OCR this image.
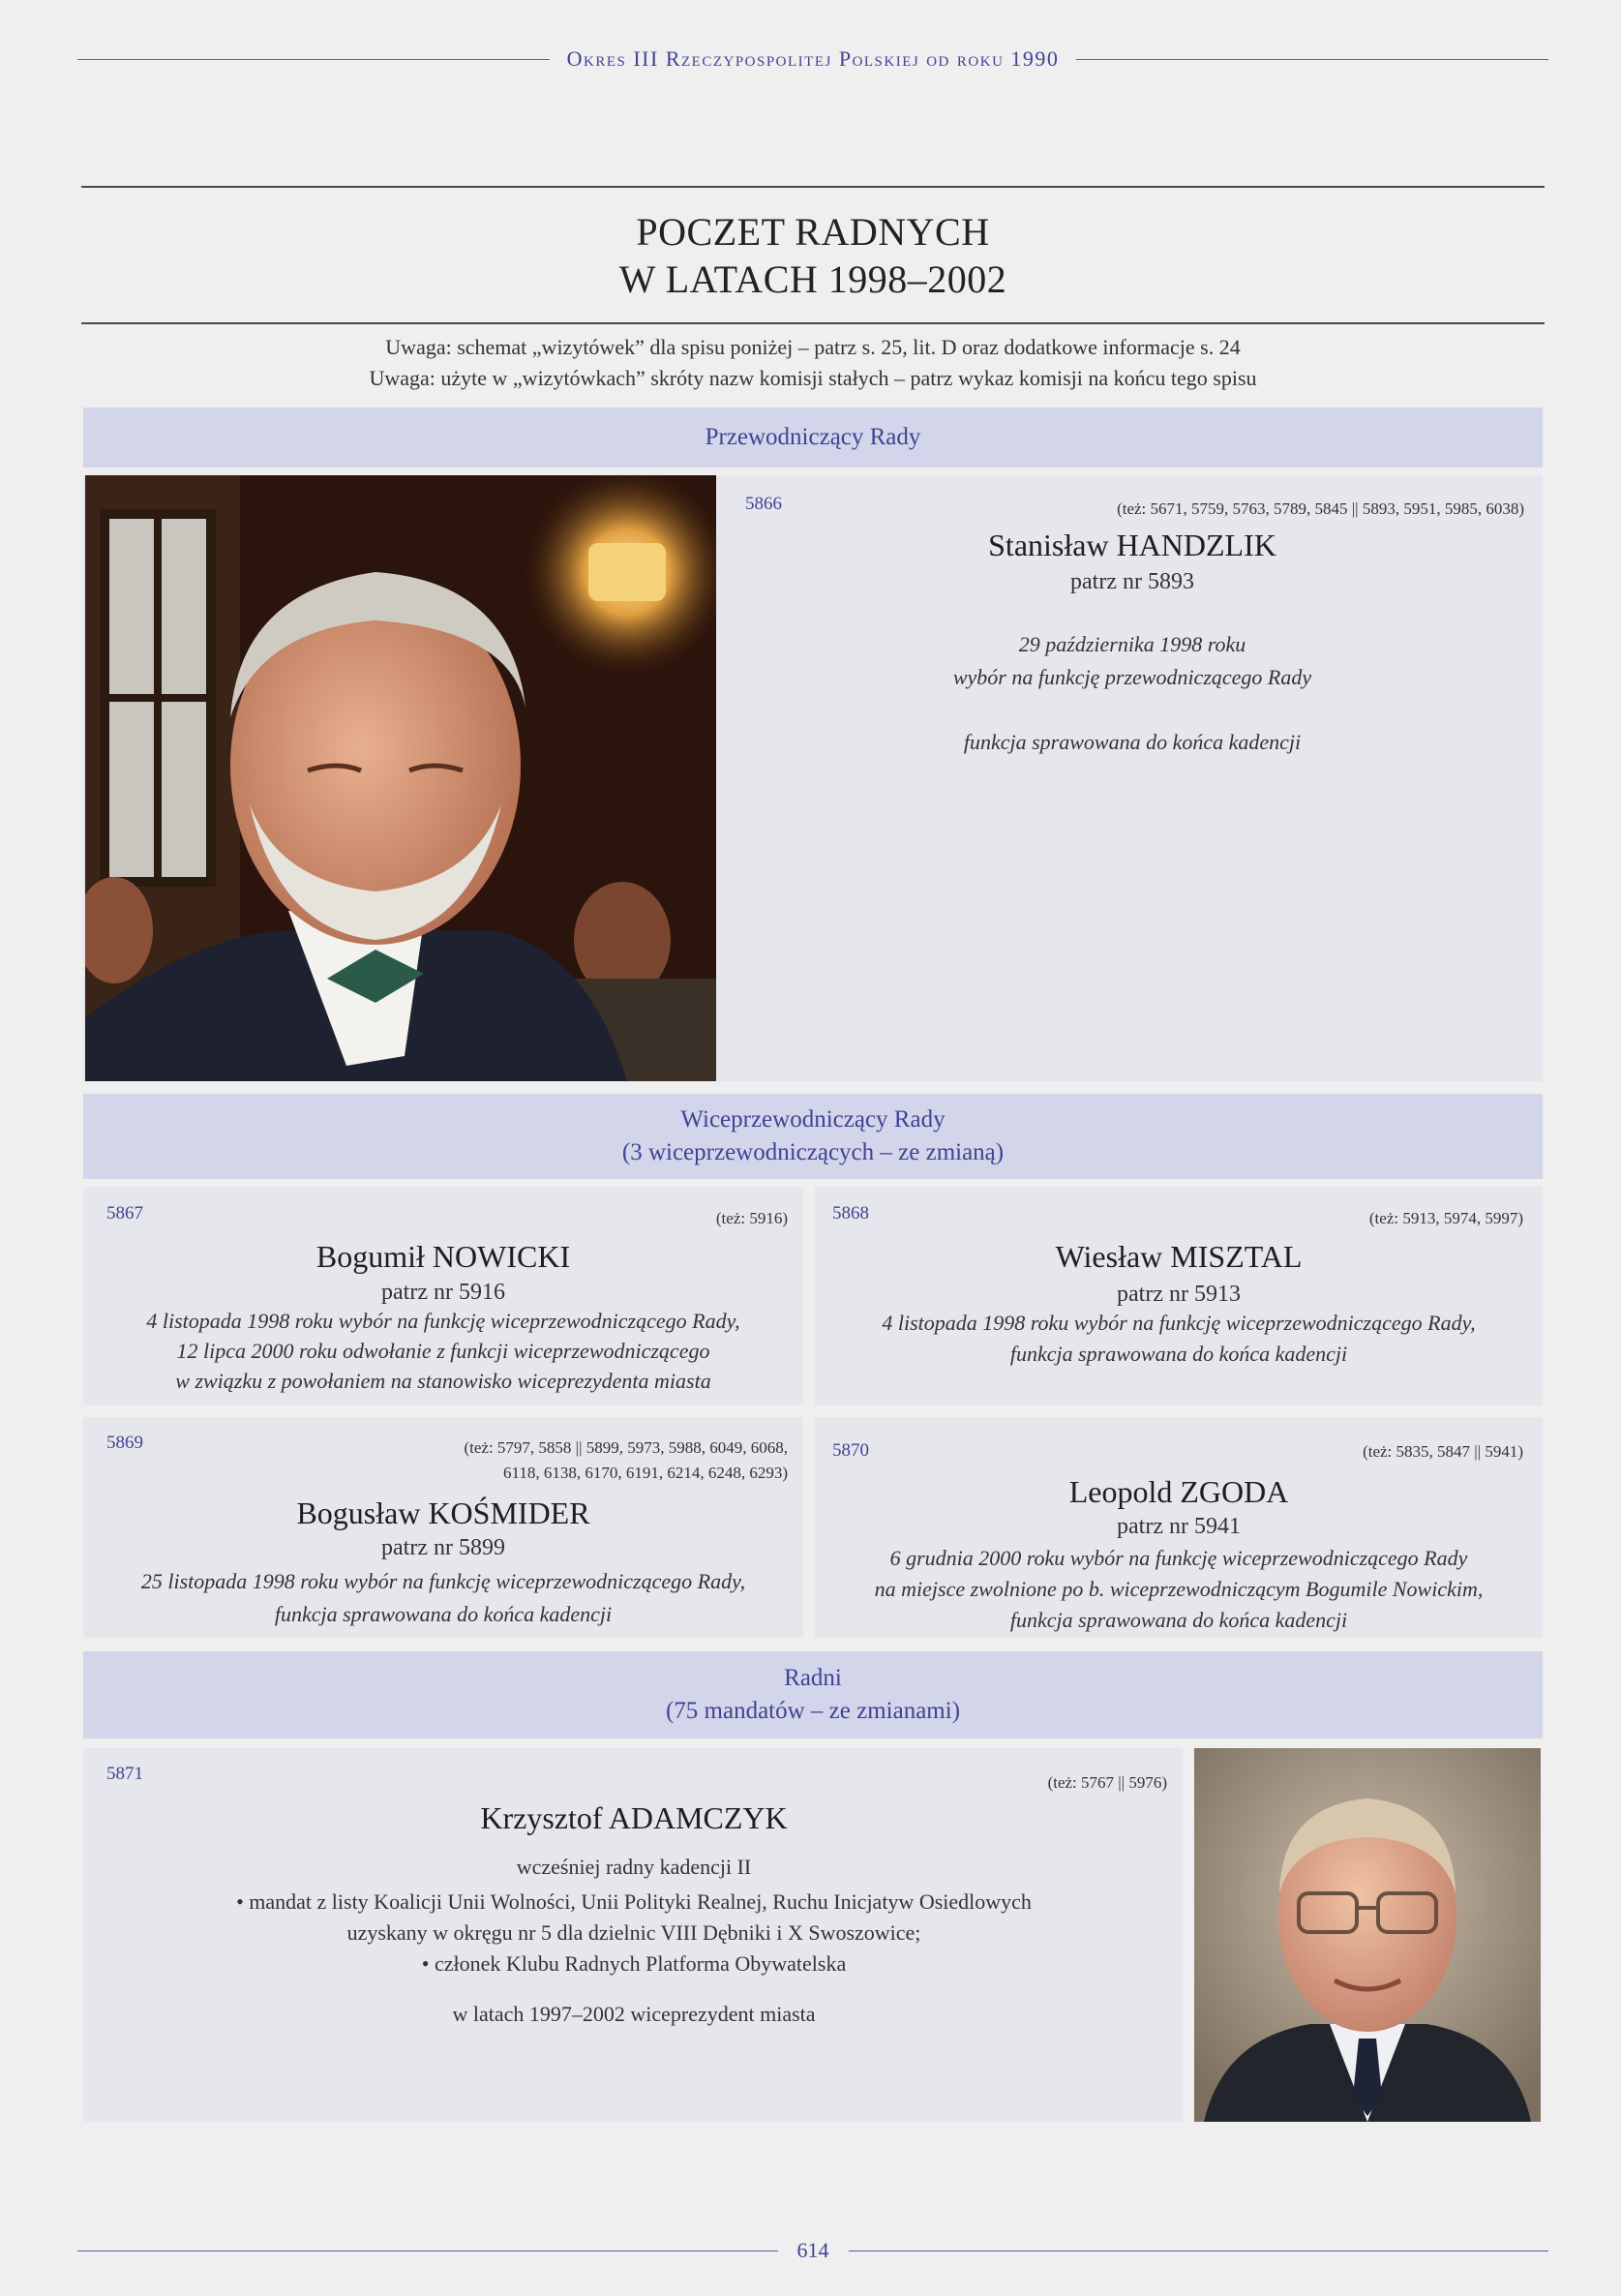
Okres III Rzeczypospolitej Polskiej od roku 1990
POCZET RADNYCH
W LATACH 1998–2002
Uwaga: schemat „wizytówek” dla spisu poniżej – patrz s. 25, lit. D oraz dodatkowe informacje s. 24
Uwaga: użyte w „wizytówkach” skróty nazw komisji stałych – patrz wykaz komisji na końcu tego spisu
Przewodniczący Rady
5866	(też: 5671, 5759, 5763, 5789, 5845 || 5893, 5951, 5985, 6038)
Stanisław HANDZLIK
patrz nr 5893
29 października 1998 roku
wybór na funkcję przewodniczącego Rady
funkcja sprawowana do końca kadencji
Wiceprzewodniczący Rady
(3 wiceprzewodniczących – ze zmianą)
5867	(też: 5916)
Bogumił NOWICKI
patrz nr 5916
4 listopada 1998 roku wybór na funkcję wiceprzewodniczącego Rady,
12 lipca 2000 roku odwołanie z funkcji wiceprzewodniczącego
w związku z powołaniem na stanowisko wiceprezydenta miasta
5868	(też: 5913, 5974, 5997)
Wiesław MISZTAL
patrz nr 5913
4 listopada 1998 roku wybór na funkcję wiceprzewodniczącego Rady,
funkcja sprawowana do końca kadencji
5869	(też: 5797, 5858 || 5899, 5973, 5988, 6049, 6068,
6118, 6138, 6170, 6191, 6214, 6248, 6293)
Bogusław KOŚMIDER
patrz nr 5899
25 listopada 1998 roku wybór na funkcję wiceprzewodniczącego Rady,
funkcja sprawowana do końca kadencji
5870	(też: 5835, 5847 || 5941)
Leopold ZGODA
patrz nr 5941
6 grudnia 2000 roku wybór na funkcję wiceprzewodniczącego Rady
na miejsce zwolnione po b. wiceprzewodniczącym Bogumile Nowickim,
funkcja sprawowana do końca kadencji
Radni
(75 mandatów – ze zmianami)
5871	(też: 5767 || 5976)
Krzysztof ADAMCZYK
wcześniej radny kadencji II
• mandat z listy Koalicji Unii Wolności, Unii Polityki Realnej, Ruchu Inicjatyw Osiedlowych
uzyskany w okręgu nr 5 dla dzielnic VIII Dębniki i X Swoszowice;
• członek Klubu Radnych Platforma Obywatelska
w latach 1997–2002 wiceprezydent miasta
614
